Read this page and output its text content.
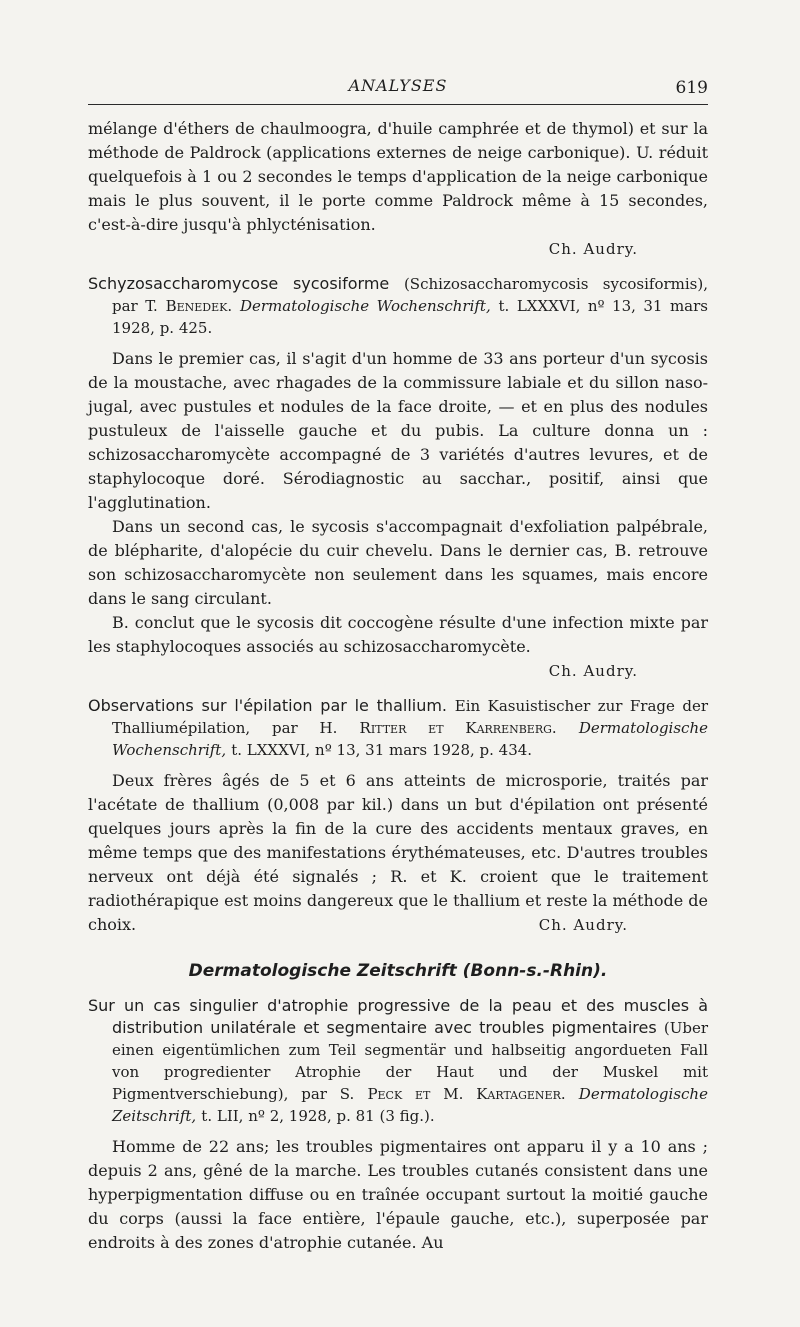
ANALYSES	619

mélange d'éthers de chaulmoogra, d'huile camphrée et de thymol) et sur la méthode de Paldrock (applications externes de neige carbonique). U. réduit quelquefois à 1 ou 2 secondes le temps d'application de la neige carbonique mais le plus souvent, il le porte comme Paldrock même à 15 secondes, c'est-à-dire jusqu'à phlycténisation.

Ch. Audry.

Schyzosaccharomycose sycosiforme (Schizosaccharomycosis sycosiformis), par T. Benedek. Dermatologische Wochenschrift, t. LXXXVI, nº 13, 31 mars 1928, p. 425.

Dans le premier cas, il s'agit d'un homme de 33 ans porteur d'un sycosis de la moustache, avec rhagades de la commissure labiale et du sillon naso-jugal, avec pustules et nodules de la face droite, — et en plus des nodules pustuleux de l'aisselle gauche et du pubis. La culture donna un : schizosaccharomycète accompagné de 3 variétés d'autres levures, et de staphylocoque doré. Sérodiagnostic au sacchar., positif, ainsi que l'agglutination.

Dans un second cas, le sycosis s'accompagnait d'exfoliation palpébrale, de blépharite, d'alopécie du cuir chevelu. Dans le dernier cas, B. retrouve son schizosaccharomycète non seulement dans les squames, mais encore dans le sang circulant.

B. conclut que le sycosis dit coccogène résulte d'une infection mixte par les staphylocoques associés au schizosaccharomycète.

Ch. Audry.

Observations sur l'épilation par le thallium. Ein Kasuistischer zur Frage der Thalliumépilation, par H. Ritter et Karrenberg. Dermatologische Wochenschrift, t. LXXXVI, nº 13, 31 mars 1928, p. 434.

Deux frères âgés de 5 et 6 ans atteints de microsporie, traités par l'acétate de thallium (0,008 par kil.) dans un but d'épilation ont présenté quelques jours après la fin de la cure des accidents mentaux graves, en même temps que des manifestations érythémateuses, etc. D'autres troubles nerveux ont déjà été signalés ; R. et K. croient que le traitement radiothérapique est moins dangereux que le thallium et reste la méthode de choix.	Ch. Audry.

Dermatologische Zeitschrift (Bonn-s.-Rhin).

Sur un cas singulier d'atrophie progressive de la peau et des muscles à distribution unilatérale et segmentaire avec troubles pigmentaires (Uber einen eigentümlichen zum Teil segmentär und halbseitig angordueten Fall von progredienter Atrophie der Haut und der Muskel mit Pigmentverschiebung), par S. Peck et M. Kartagener. Dermatologische Zeitschrift, t. LII, nº 2, 1928, p. 81 (3 fig.).

Homme de 22 ans; les troubles pigmentaires ont apparu il y a 10 ans ; depuis 2 ans, gêné de la marche. Les troubles cutanés consistent dans une hyperpigmentation diffuse ou en traînée occupant surtout la moitié gauche du corps (aussi la face entière, l'épaule gauche, etc.), superposée par endroits à des zones d'atrophie cutanée. Au
